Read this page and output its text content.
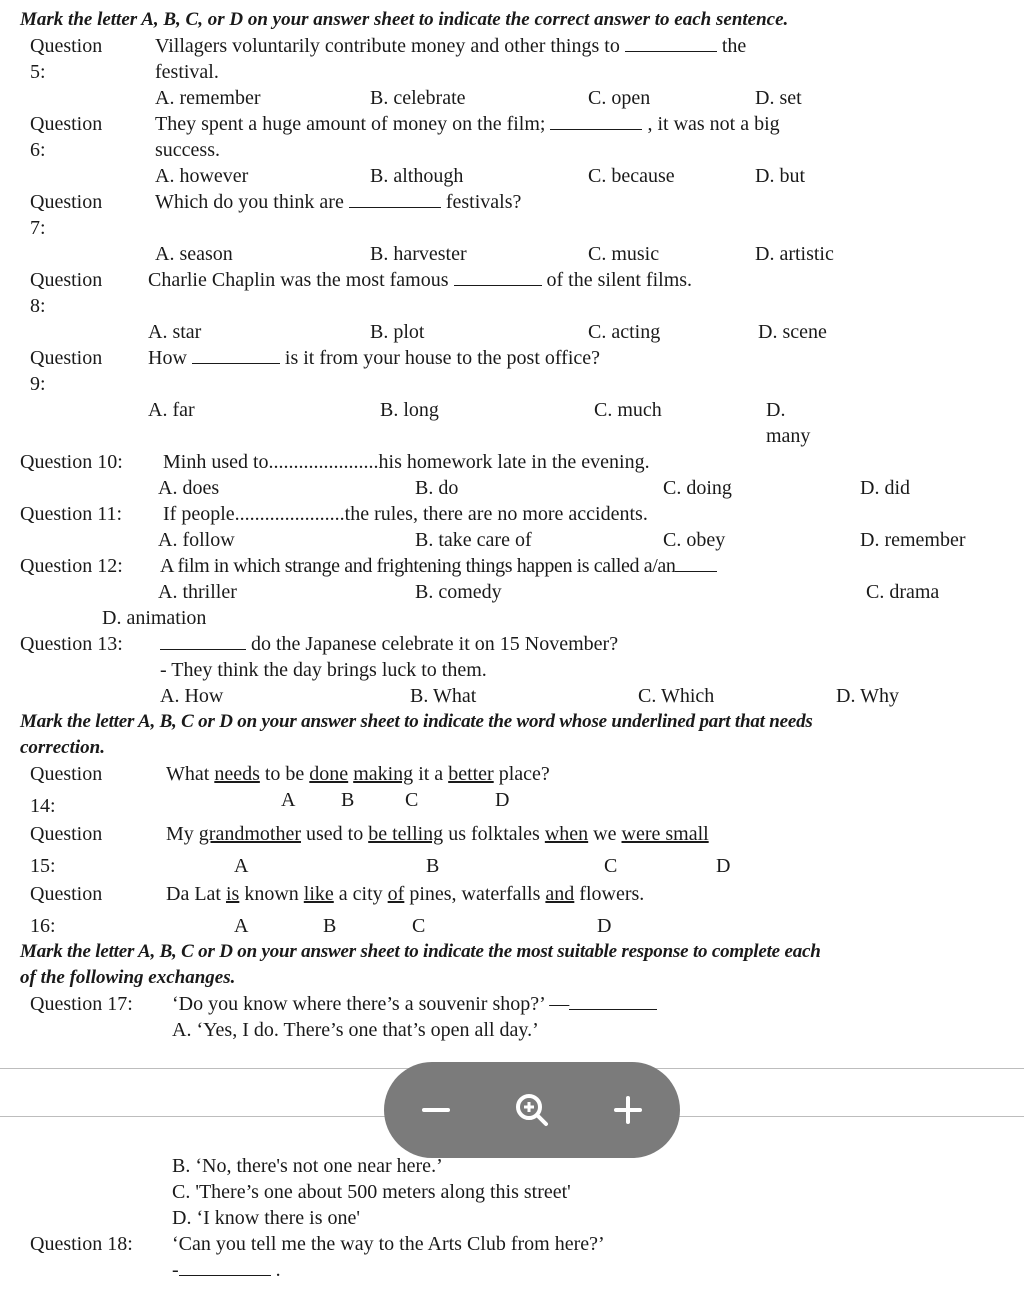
Mark the letter A, B, C, or D on your answer sheet to indicate the correct answer to each sentence.
Question
5:
Villagers voluntarily contribute money and other things to	the
festival.
A. remember	B. celebrate	C. open	D. set
Question
6:
They spent a huge amount of money on the film;	, it was not a big
success.
A. however	B. although	C. because	D. but
Question
7:
Which do you think are	festivals?
A. season	B. harvester	C. music	D. artistic
Question
8:
Charlie Chaplin was the most famous	of the silent films.
A. star	B. plot	C. acting	D. scene
Question
9:
How	is it from your house to the post office?
A. far	B. long	C. much	D.
many
Question 10: Minh used to......................his homework late in the evening.
A. does	B. do	C. doing	D. did
Question 11: If people......................the rules, there are no more accidents.
A. follow	B. take care of	C. obey	D. remember
Question 12: A film in which strange and frightening things happen is called a/an
A. thriller	B. comedy	C. drama
D. animation
Question 13:	do the Japanese celebrate it on 15 November?
- They think the day brings luck to them.
A. How	B. What	C. Which	D. Why
Mark the letter A, B, C or D on your answer sheet to indicate the word whose underlined part that needs
correction.
Question
14:
What needs to be done making it a better place?
A B	C	D
Question
15:
My grandmother used to be telling us folktales when we were small
A	B	C	D
Question
16:
Da Lat is known like a city of pines, waterfalls and flowers.
A	B	C	D
Mark the letter A, B, C or D on your answer sheet to indicate the most suitable response to complete each
of the following exchanges.
Question 17: ‘Do you know where there’s a souvenir shop?’ —
A. ‘Yes, I do. There’s one that’s open all day.’
B. ‘No, there's not one near here.’
C. 'There’s one about 500 meters along this street'
D. ‘I know there is one'
Question 18: ‘Can you tell me the way to the Arts Club from here?’
-	.
